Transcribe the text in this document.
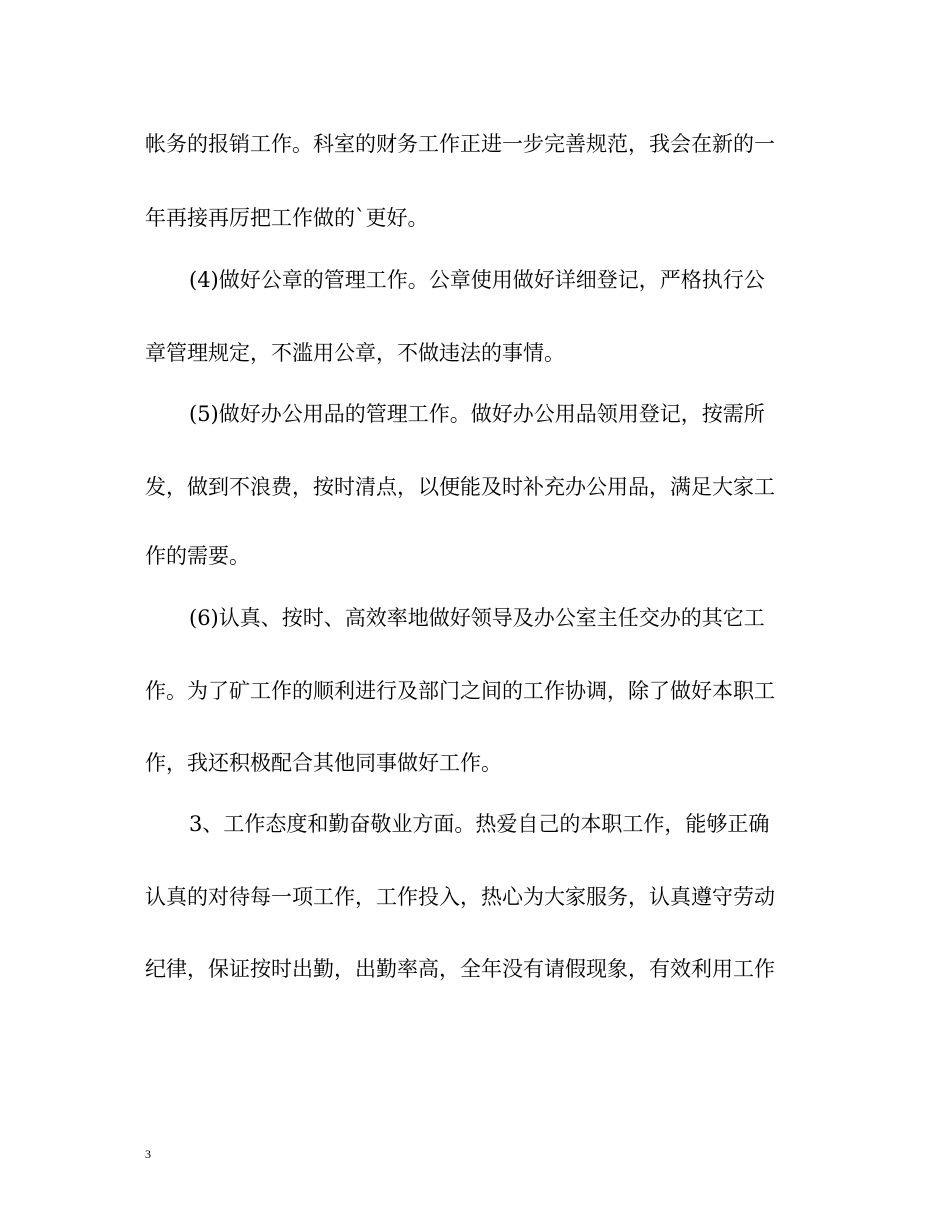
帐务的报销工作。科室的财务工作正进一步完善规范，我会在新的一
年再接再厉把工作做的`更好。
(4)做好公章的管理工作。公章使用做好详细登记，严格执行公
章管理规定，不滥用公章，不做违法的事情。
(5)做好办公用品的管理工作。做好办公用品领用登记，按需所
发，做到不浪费，按时清点，以便能及时补充办公用品，满足大家工
作的需要。
(6)认真、按时、高效率地做好领导及办公室主任交办的其它工
作。为了矿工作的顺利进行及部门之间的工作协调，除了做好本职工
作，我还积极配合其他同事做好工作。
3、工作态度和勤奋敬业方面。热爱自己的本职工作，能够正确
认真的对待每一项工作，工作投入，热心为大家服务，认真遵守劳动
纪律，保证按时出勤，出勤率高，全年没有请假现象，有效利用工作
3
